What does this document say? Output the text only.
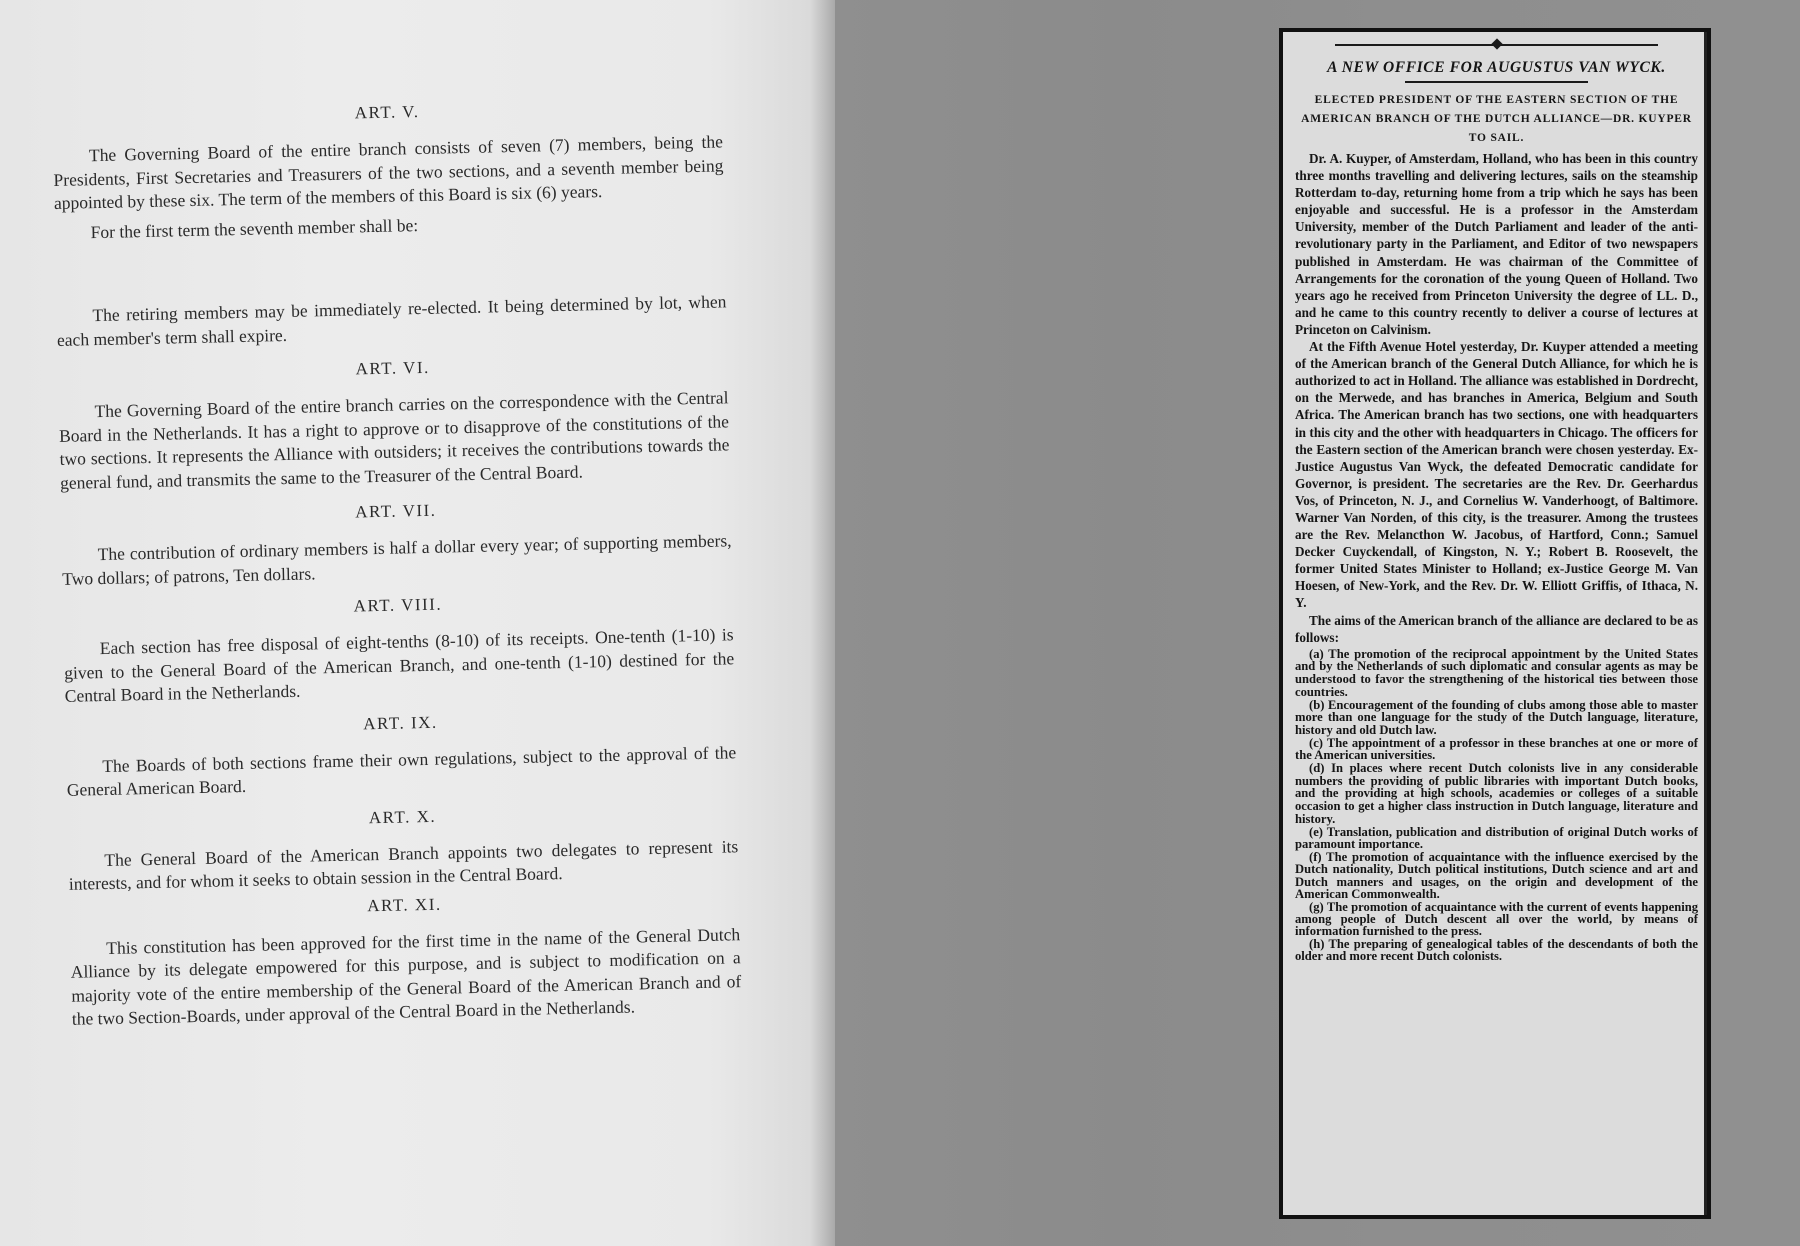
ART. V.

The Governing Board of the entire branch consists of seven (7) members, being the Presidents, First Secretaries and Treasurers of the two sections, and a seventh member being appointed by these six. The term of the members of this Board is six (6) years.

For the first term the seventh member shall be:

The retiring members may be immediately re-elected. It being determined by lot, when each member's term shall expire.

ART. VI.

The Governing Board of the entire branch carries on the correspondence with the Central Board in the Netherlands. It has a right to approve or to disapprove of the constitutions of the two sections. It represents the Alliance with outsiders; it receives the contributions towards the general fund, and transmits the same to the Treasurer of the Central Board.

ART. VII.

The contribution of ordinary members is half a dollar every year; of supporting members, Two dollars; of patrons, Ten dollars.

ART. VIII.

Each section has free disposal of eight-tenths (8-10) of its receipts. One-tenth (1-10) is given to the General Board of the American Branch, and one-tenth (1-10) destined for the Central Board in the Netherlands.

ART. IX.

The Boards of both sections frame their own regulations, subject to the approval of the General American Board.

ART. X.

The General Board of the American Branch appoints two delegates to represent its interests, and for whom it seeks to obtain session in the Central Board.

ART. XI.

This constitution has been approved for the first time in the name of the General Dutch Alliance by its delegate empowered for this purpose, and is subject to modification on a majority vote of the entire membership of the General Board of the American Branch and of the two Section-Boards, under approval of the Central Board in the Netherlands.

A NEW OFFICE FOR AUGUSTUS VAN WYCK.
ELECTED PRESIDENT OF THE EASTERN SECTION OF THE AMERICAN BRANCH OF THE DUTCH ALLIANCE—DR. KUYPER TO SAIL.

Dr. A. Kuyper, of Amsterdam, Holland, who has been in this country three months travelling and delivering lectures, sails on the steamship Rotterdam to-day, returning home from a trip which he says has been enjoyable and successful. He is a professor in the Amsterdam University, member of the Dutch Parliament and leader of the anti-revolutionary party in the Parliament, and Editor of two newspapers published in Amsterdam. He was chairman of the Committee of Arrangements for the coronation of the young Queen of Holland. Two years ago he received from Princeton University the degree of LL. D., and he came to this country recently to deliver a course of lectures at Princeton on Calvinism.

At the Fifth Avenue Hotel yesterday, Dr. Kuyper attended a meeting of the American branch of the General Dutch Alliance, for which he is authorized to act in Holland. The alliance was established in Dordrecht, on the Merwede, and has branches in America, Belgium and South Africa. The American branch has two sections, one with headquarters in this city and the other with headquarters in Chicago. The officers for the Eastern section of the American branch were chosen yesterday. Ex-Justice Augustus Van Wyck, the defeated Democratic candidate for Governor, is president. The secretaries are the Rev. Dr. Geerhardus Vos, of Princeton, N. J., and Cornelius W. Vanderhoogt, of Baltimore. Warner Van Norden, of this city, is the treasurer. Among the trustees are the Rev. Melancthon W. Jacobus, of Hartford, Conn.; Samuel Decker Cuyckendall, of Kingston, N. Y.; Robert B. Roosevelt, the former United States Minister to Holland; ex-Justice George M. Van Hoesen, of New-York, and the Rev. Dr. W. Elliott Griffis, of Ithaca, N. Y.

The aims of the American branch of the alliance are declared to be as follows:

(a) The promotion of the reciprocal appointment by the United States and by the Netherlands of such diplomatic and consular agents as may be understood to favor the strengthening of the historical ties between those countries.

(b) Encouragement of the founding of clubs among those able to master more than one language for the study of the Dutch language, literature, history and old Dutch law.

(c) The appointment of a professor in these branches at one or more of the American universities.

(d) In places where recent Dutch colonists live in any considerable numbers the providing of public libraries with important Dutch books, and the providing at high schools, academies or colleges of a suitable occasion to get a higher class instruction in Dutch language, literature and history.

(e) Translation, publication and distribution of original Dutch works of paramount importance.

(f) The promotion of acquaintance with the influence exercised by the Dutch nationality, Dutch political institutions, Dutch science and art and Dutch manners and usages, on the origin and development of the American Commonwealth.

(g) The promotion of acquaintance with the current of events happening among people of Dutch descent all over the world, by means of information furnished to the press.

(h) The preparing of genealogical tables of the descendants of both the older and more recent Dutch colonists.
